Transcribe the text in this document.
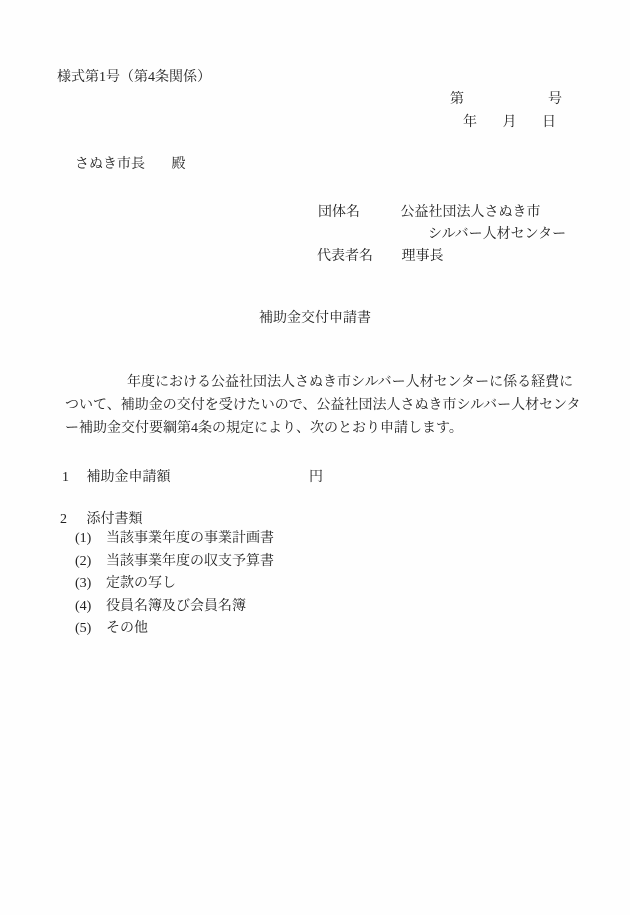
様式第1号（第4条関係）
第	号
年 月 日
さぬき市長 殿
団体名	公益社団法人さぬき市
シルバー人材センター
代表者名 理事長
補助金交付申請書
年度における公益社団法人さぬき市シルバー人材センターに係る経費に
ついて、補助金の交付を受けたいので、公益社団法人さぬき市シルバー人材センタ
ー補助金交付要綱第4条の規定により、次のとおり申請します。
1 補助金申請額	円
2 添付書類
(1) 当該事業年度の事業計画書
(2) 当該事業年度の収支予算書
(3) 定款の写し
(4) 役員名簿及び会員名簿
(5) その他
